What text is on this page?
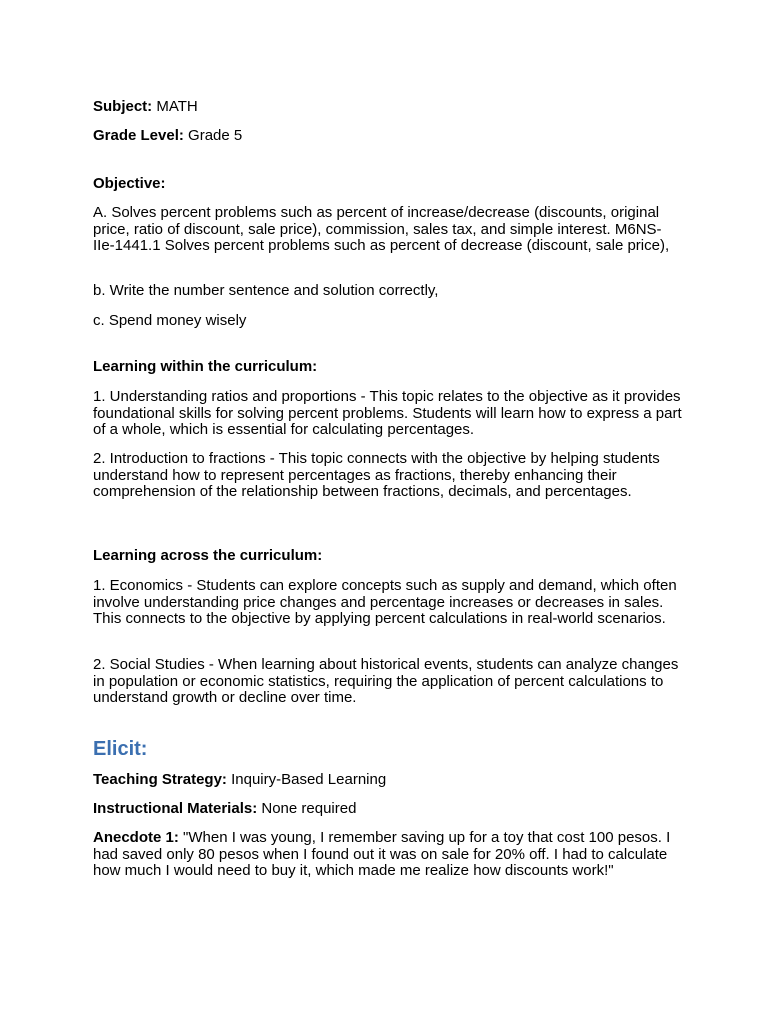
Subject: MATH
Grade Level: Grade 5
Objective:
A. Solves percent problems such as percent of increase/decrease (discounts, original price, ratio of discount, sale price), commission, sales tax, and simple interest. M6NS-IIe-1441.1 Solves percent problems such as percent of decrease (discount, sale price),
b. Write the number sentence and solution correctly,
c. Spend money wisely
Learning within the curriculum:
1. Understanding ratios and proportions - This topic relates to the objective as it provides foundational skills for solving percent problems. Students will learn how to express a part of a whole, which is essential for calculating percentages.
2. Introduction to fractions - This topic connects with the objective by helping students understand how to represent percentages as fractions, thereby enhancing their comprehension of the relationship between fractions, decimals, and percentages.
Learning across the curriculum:
1. Economics - Students can explore concepts such as supply and demand, which often involve understanding price changes and percentage increases or decreases in sales. This connects to the objective by applying percent calculations in real-world scenarios.
2. Social Studies - When learning about historical events, students can analyze changes in population or economic statistics, requiring the application of percent calculations to understand growth or decline over time.
Elicit:
Teaching Strategy: Inquiry-Based Learning
Instructional Materials: None required
Anecdote 1: "When I was young, I remember saving up for a toy that cost 100 pesos. I had saved only 80 pesos when I found out it was on sale for 20% off. I had to calculate how much I would need to buy it, which made me realize how discounts work!"
